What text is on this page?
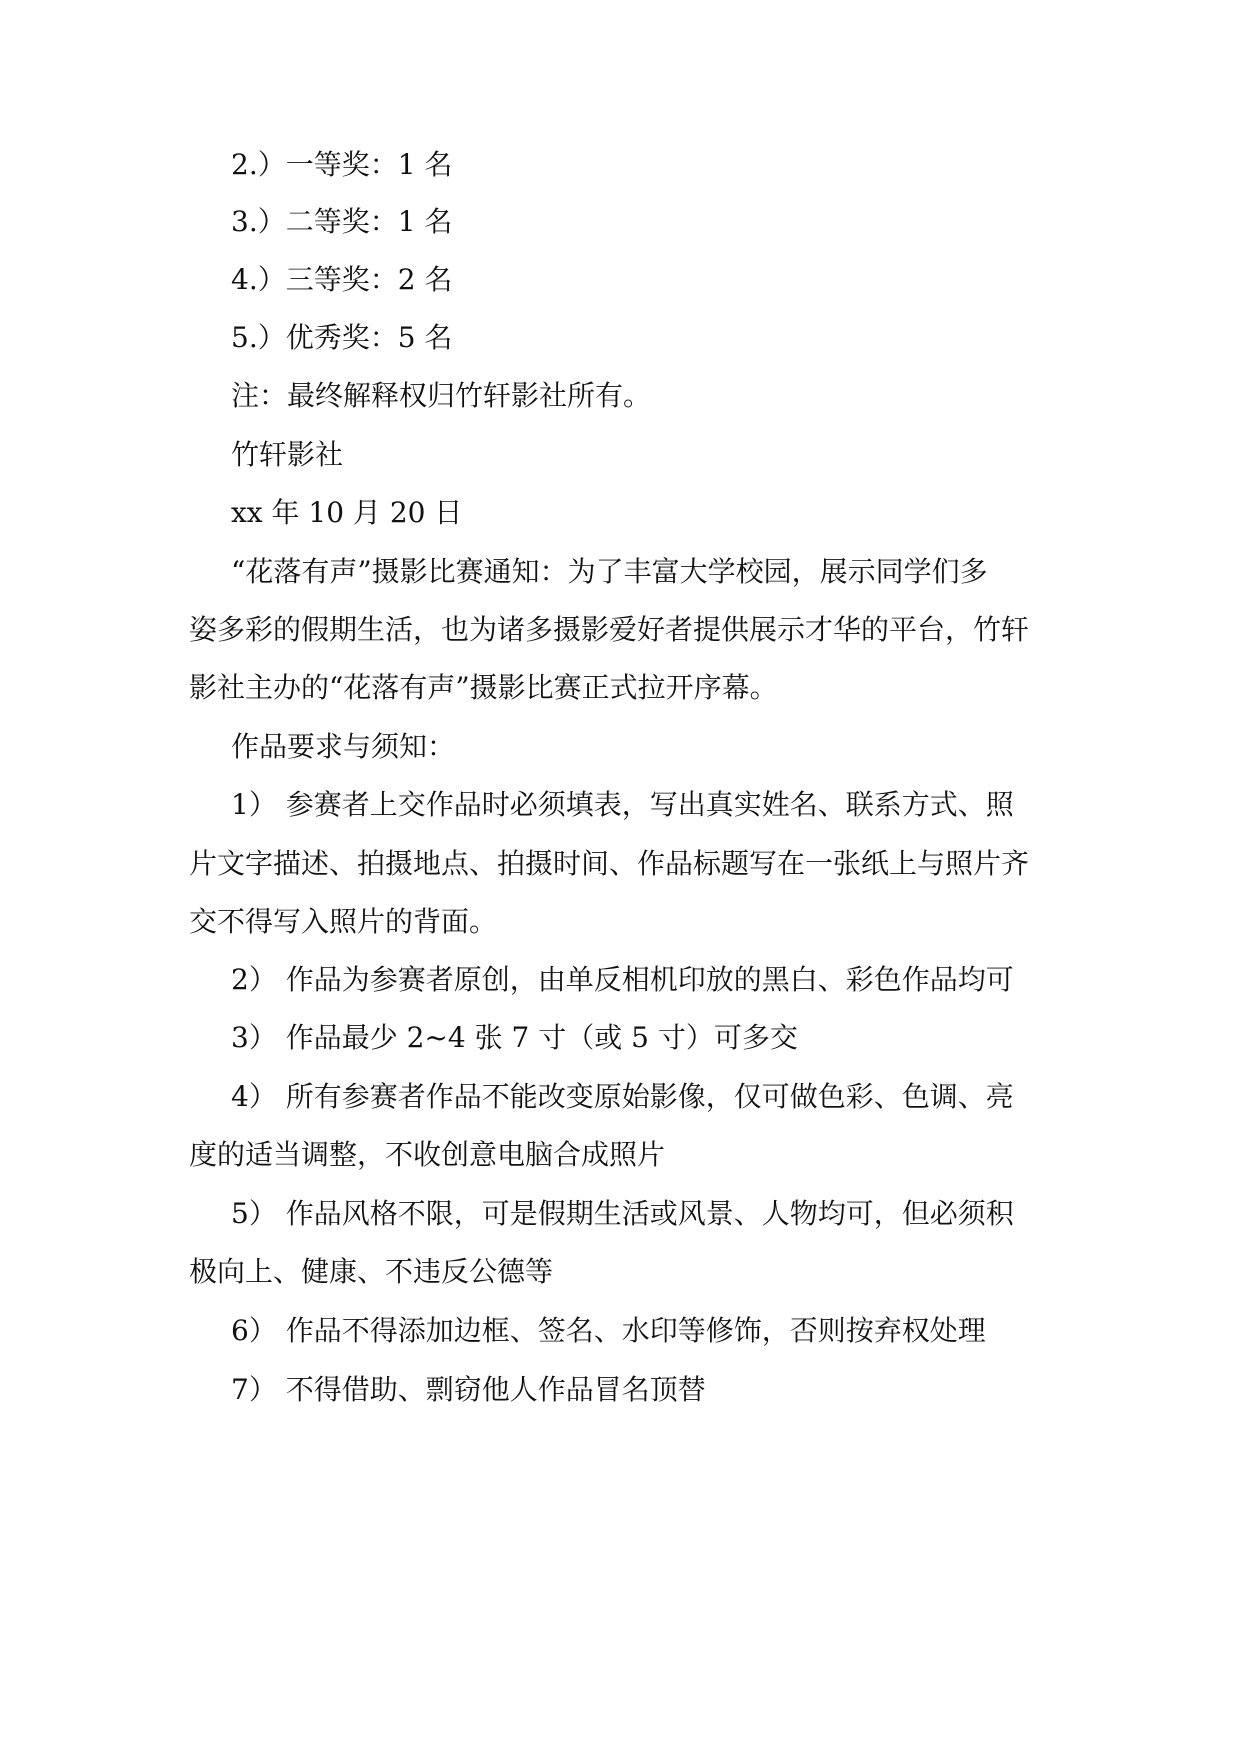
2.）一等奖：1 名

3.）二等奖：1 名

4.）三等奖：2 名

5.）优秀奖：5 名

注：最终解释权归竹轩影社所有。

竹轩影社

xx 年 10 月 20 日

“花落有声”摄影比赛通知：为了丰富大学校园，展示同学们多

姿多彩的假期生活，也为诸多摄影爱好者提供展示才华的平台，竹轩

影社主办的“花落有声”摄影比赛正式拉开序幕。

作品要求与须知：

1） 参赛者上交作品时必须填表，写出真实姓名、联系方式、照

片文字描述、拍摄地点、拍摄时间、作品标题写在一张纸上与照片齐

交不得写入照片的背面。

2） 作品为参赛者原创，由单反相机印放的黑白、彩色作品均可

3） 作品最少 2~4 张 7 寸（或 5 寸）可多交

4） 所有参赛者作品不能改变原始影像，仅可做色彩、色调、亮

度的适当调整，不收创意电脑合成照片

5） 作品风格不限，可是假期生活或风景、人物均可，但必须积

极向上、健康、不违反公德等

6） 作品不得添加边框、签名、水印等修饰，否则按弃权处理

7） 不得借助、剽窃他人作品冒名顶替
